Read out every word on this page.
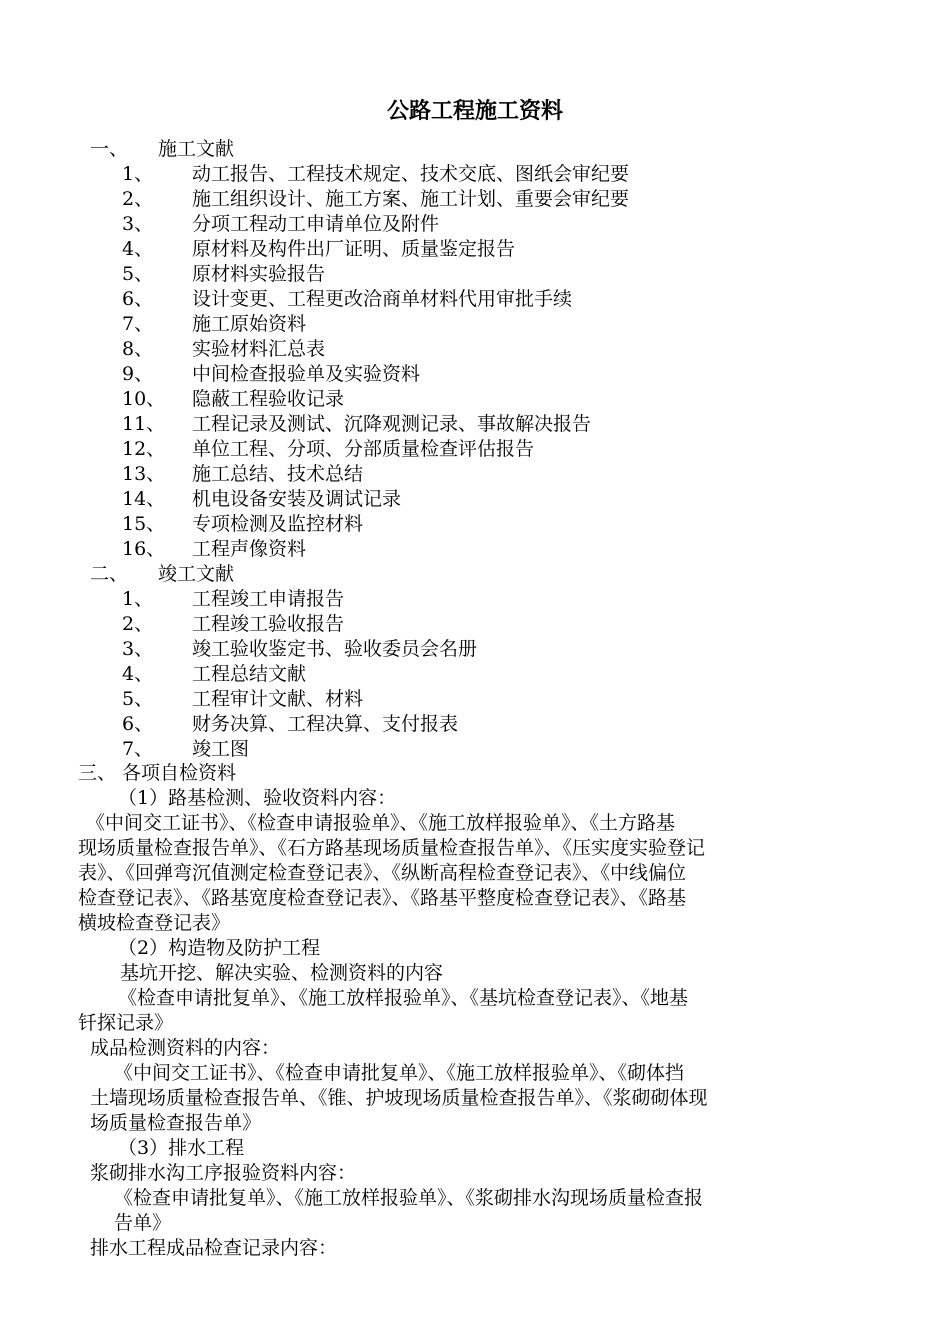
公路工程施工资料
一、 施工文献
1、 动工报告、工程技术规定、技术交底、图纸会审纪要
2、 施工组织设计、施工方案、施工计划、重要会审纪要
3、 分项工程动工申请单位及附件
4、 原材料及构件出厂证明、质量鉴定报告
5、 原材料实验报告
6、 设计变更、工程更改洽商单材料代用审批手续
7、 施工原始资料
8、 实验材料汇总表
9、 中间检查报验单及实验资料
10、 隐蔽工程验收记录
11、 工程记录及测试、沉降观测记录、事故解决报告
12、 单位工程、分项、分部质量检查评估报告
13、 施工总结、技术总结
14、 机电设备安装及调试记录
15、 专项检测及监控材料
16、 工程声像资料
二、 竣工文献
1、 工程竣工申请报告
2、 工程竣工验收报告
3、 竣工验收鉴定书、验收委员会名册
4、 工程总结文献
5、 工程审计文献、材料
6、 财务决算、工程决算、支付报表
7、 竣工图
三、 各项自检资料
（1）路基检测、验收资料内容：
《中间交工证书》、《检查申请报验单》、《施工放样报验单》、《土方路基
现场质量检查报告单》、《石方路基现场质量检查报告单》、《压实度实验登记
表》、《回弹弯沉值测定检查登记表》、《纵断高程检查登记表》、《中线偏位
检查登记表》、《路基宽度检查登记表》、《路基平整度检查登记表》、《路基
横坡检查登记表》
（2）构造物及防护工程
基坑开挖、解决实验、检测资料的内容
《检查申请批复单》、《施工放样报验单》、《基坑检查登记表》、《地基
钎探记录》
成品检测资料的内容：
《中间交工证书》、《检查申请批复单》、《施工放样报验单》、《砌体挡
土墙现场质量检查报告单、《锥、护坡现场质量检查报告单》、《浆砌砌体现
场质量检查报告单》
（3）排水工程
浆砌排水沟工序报验资料内容：
《检查申请批复单》、《施工放样报验单》、《浆砌排水沟现场质量检查报
告单》
排水工程成品检查记录内容：
